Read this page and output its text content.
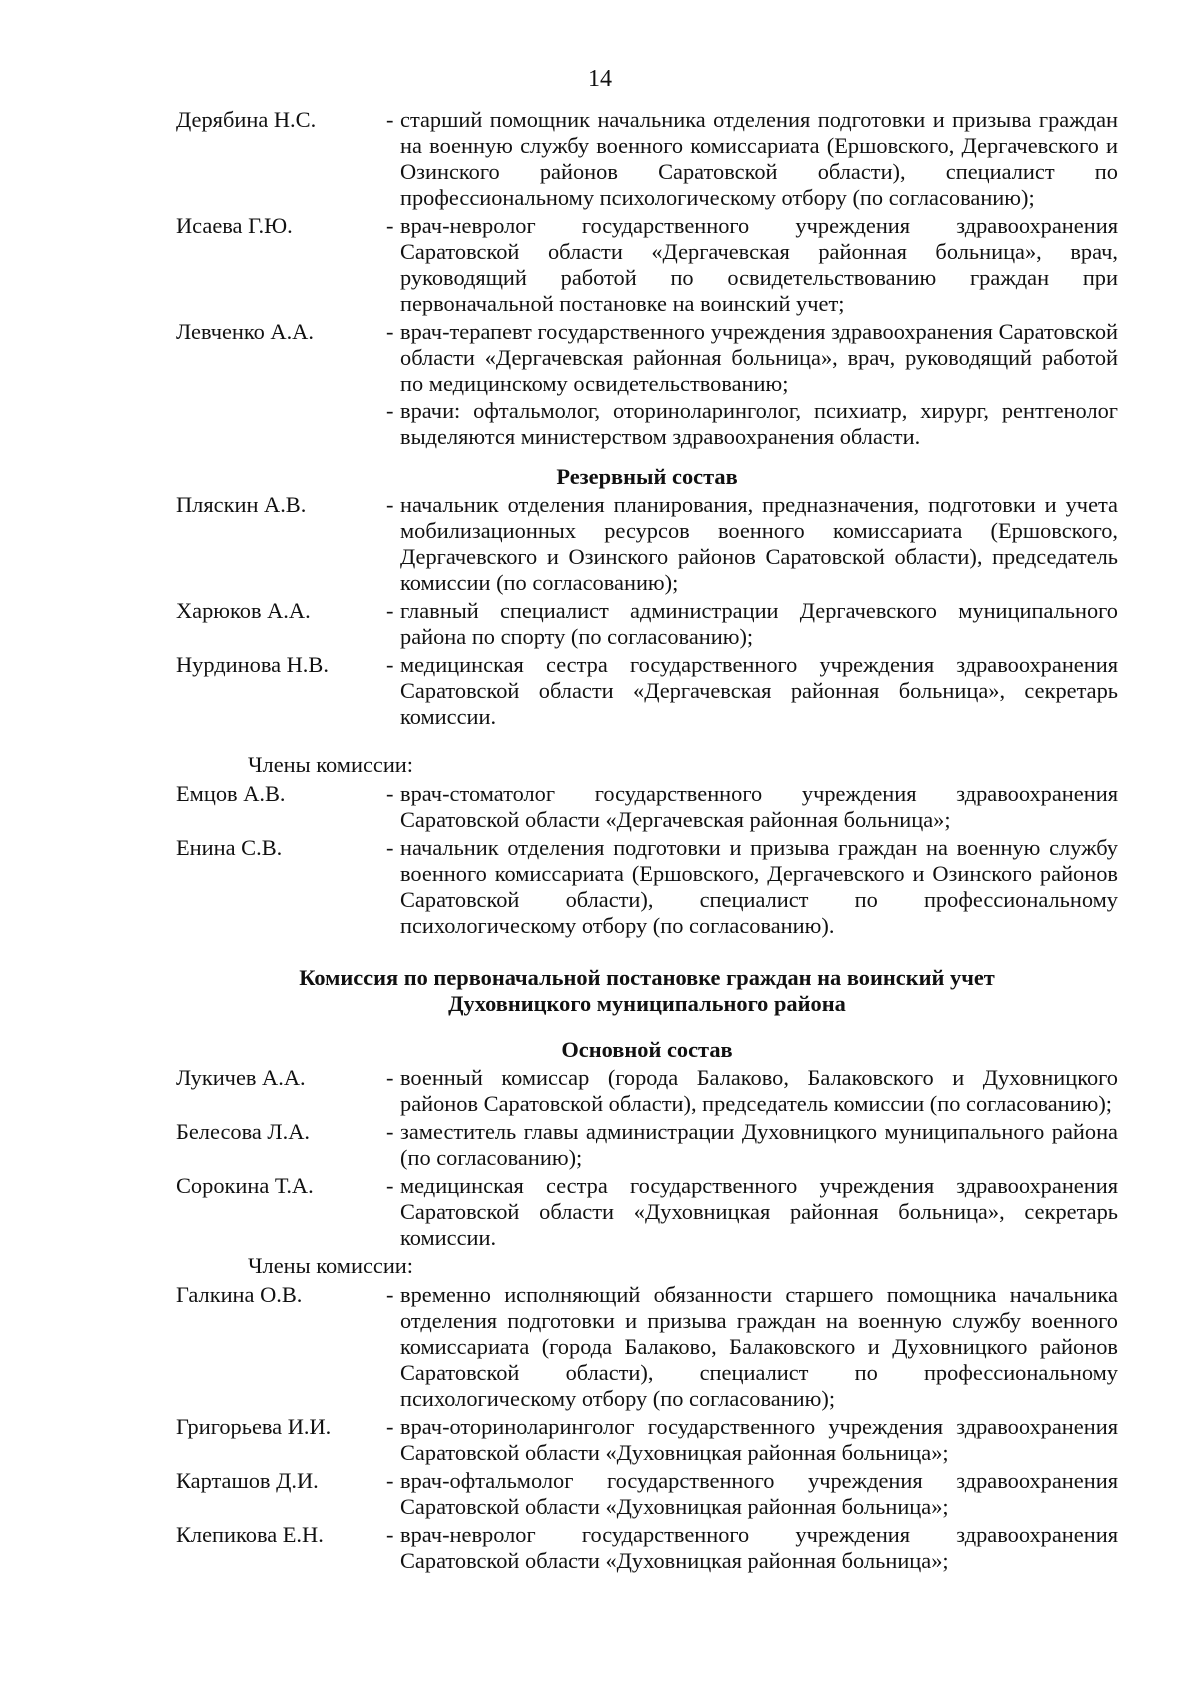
14
Дерябина Н.С.	- старший помощник начальника отделения подготовки и призыва граждан на военную службу военного комиссариата (Ершовского, Дергачевского и Озинского районов Саратовской области), специалист по профессиональному психологическому отбору (по согласованию);
Исаева Г.Ю.	- врач-невролог государственного учреждения здравоохранения Саратовской области «Дергачевская районная больница», врач, руководящий работой по освидетельствованию граждан при первоначальной постановке на воинский учет;
Левченко А.А.	- врач-терапевт государственного учреждения здравоохранения Саратовской области «Дергачевская районная больница», врач, руководящий работой по медицинскому освидетельствованию;
- врачи: офтальмолог, оториноларинголог, психиатр, хирург, рентгенолог выделяются министерством здравоохранения области.
Резервный состав
Пляскин А.В.	- начальник отделения планирования, предназначения, подготовки и учета мобилизационных ресурсов военного комиссариата (Ершовского, Дергачевского и Озинского районов Саратовской области), председатель комиссии (по согласованию);
Харюков А.А.	- главный специалист администрации Дергачевского муниципального района по спорту (по согласованию);
Нурдинова Н.В.	- медицинская сестра государственного учреждения здравоохранения Саратовской области «Дергачевская районная больница», секретарь комиссии.
Члены комиссии:
Емцов А.В.	- врач-стоматолог государственного учреждения здравоохранения Саратовской области «Дергачевская районная больница»;
Енина С.В.	- начальник отделения подготовки и призыва граждан на военную службу военного комиссариата (Ершовского, Дергачевского и Озинского районов Саратовской области), специалист по профессиональному психологическому отбору (по согласованию).
Комиссия по первоначальной постановке граждан на воинский учет
Духовницкого муниципального района
Основной состав
Лукичев А.А.	- военный комиссар (города Балаково, Балаковского и Духовницкого районов Саратовской области), председатель комиссии (по согласованию);
Белесова Л.А.	- заместитель главы администрации Духовницкого муниципального района (по согласованию);
Сорокина Т.А.	- медицинская сестра государственного учреждения здравоохранения Саратовской области «Духовницкая районная больница», секретарь комиссии.
Члены комиссии:
Галкина О.В.	- временно исполняющий обязанности старшего помощника начальника отделения подготовки и призыва граждан на военную службу военного комиссариата (города Балаково, Балаковского и Духовницкого районов Саратовской области), специалист по профессиональному психологическому отбору (по согласованию);
Григорьева И.И.	- врач-оториноларинголог государственного учреждения здравоохранения Саратовской области «Духовницкая районная больница»;
Карташов Д.И.	- врач-офтальмолог государственного учреждения здравоохранения Саратовской области «Духовницкая районная больница»;
Клепикова Е.Н.	- врач-невролог государственного учреждения здравоохранения Саратовской области «Духовницкая районная больница»;
